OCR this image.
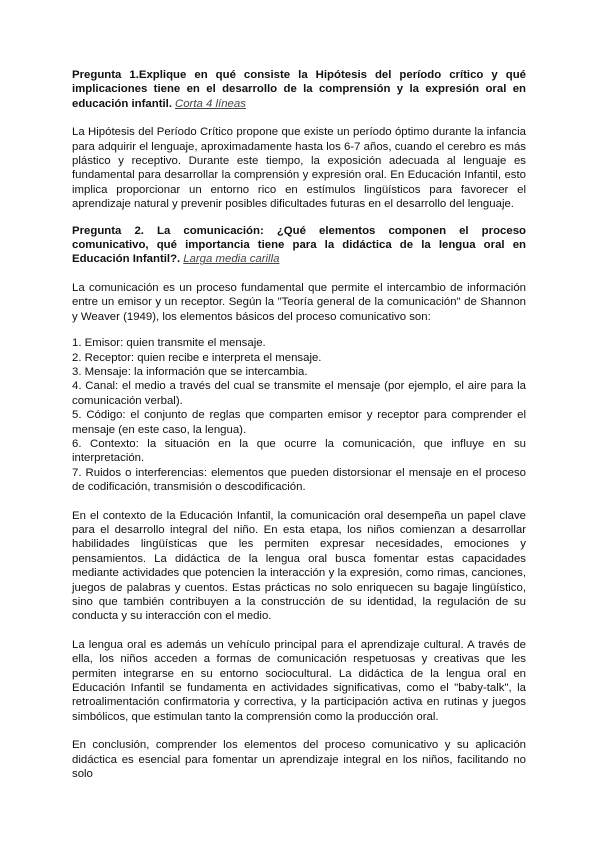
Pregunta 1.Explique en qué consiste la Hipótesis del período crítico y qué implicaciones tiene en el desarrollo de la comprensión y la expresión oral en educación infantil. Corta 4 líneas

La Hipótesis del Período Crítico propone que existe un período óptimo durante la infancia para adquirir el lenguaje, aproximadamente hasta los 6-7 años, cuando el cerebro es más plástico y receptivo. Durante este tiempo, la exposición adecuada al lenguaje es fundamental para desarrollar la comprensión y expresión oral. En Educación Infantil, esto implica proporcionar un entorno rico en estímulos lingüísticos para favorecer el aprendizaje natural y prevenir posibles dificultades futuras en el desarrollo del lenguaje.

Pregunta 2. La comunicación: ¿Qué elementos componen el proceso comunicativo, qué importancia tiene para la didáctica de la lengua oral en Educación Infantil?. Larga media carilla

La comunicación es un proceso fundamental que permite el intercambio de información entre un emisor y un receptor. Según la "Teoría general de la comunicación" de Shannon y Weaver (1949), los elementos básicos del proceso comunicativo son:

1. Emisor: quien transmite el mensaje.

2. Receptor: quien recibe e interpreta el mensaje.

3. Mensaje: la información que se intercambia.

4. Canal: el medio a través del cual se transmite el mensaje (por ejemplo, el aire para la comunicación verbal).

5. Código: el conjunto de reglas que comparten emisor y receptor para comprender el mensaje (en este caso, la lengua).

6. Contexto: la situación en la que ocurre la comunicación, que influye en su interpretación.

7. Ruidos o interferencias: elementos que pueden distorsionar el mensaje en el proceso de codificación, transmisión o descodificación.

En el contexto de la Educación Infantil, la comunicación oral desempeña un papel clave para el desarrollo integral del niño. En esta etapa, los niños comienzan a desarrollar habilidades lingüísticas que les permiten expresar necesidades, emociones y pensamientos. La didáctica de la lengua oral busca fomentar estas capacidades mediante actividades que potencien la interacción y la expresión, como rimas, canciones, juegos de palabras y cuentos. Estas prácticas no solo enriquecen su bagaje lingüístico, sino que también contribuyen a la construcción de su identidad, la regulación de su conducta y su interacción con el medio.

La lengua oral es además un vehículo principal para el aprendizaje cultural. A través de ella, los niños acceden a formas de comunicación respetuosas y creativas que les permiten integrarse en su entorno sociocultural. La didáctica de la lengua oral en Educación Infantil se fundamenta en actividades significativas, como el "baby-talk", la retroalimentación confirmatoria y correctiva, y la participación activa en rutinas y juegos simbólicos, que estimulan tanto la comprensión como la producción oral.

En conclusión, comprender los elementos del proceso comunicativo y su aplicación didáctica es esencial para fomentar un aprendizaje integral en los niños, facilitando no solo
